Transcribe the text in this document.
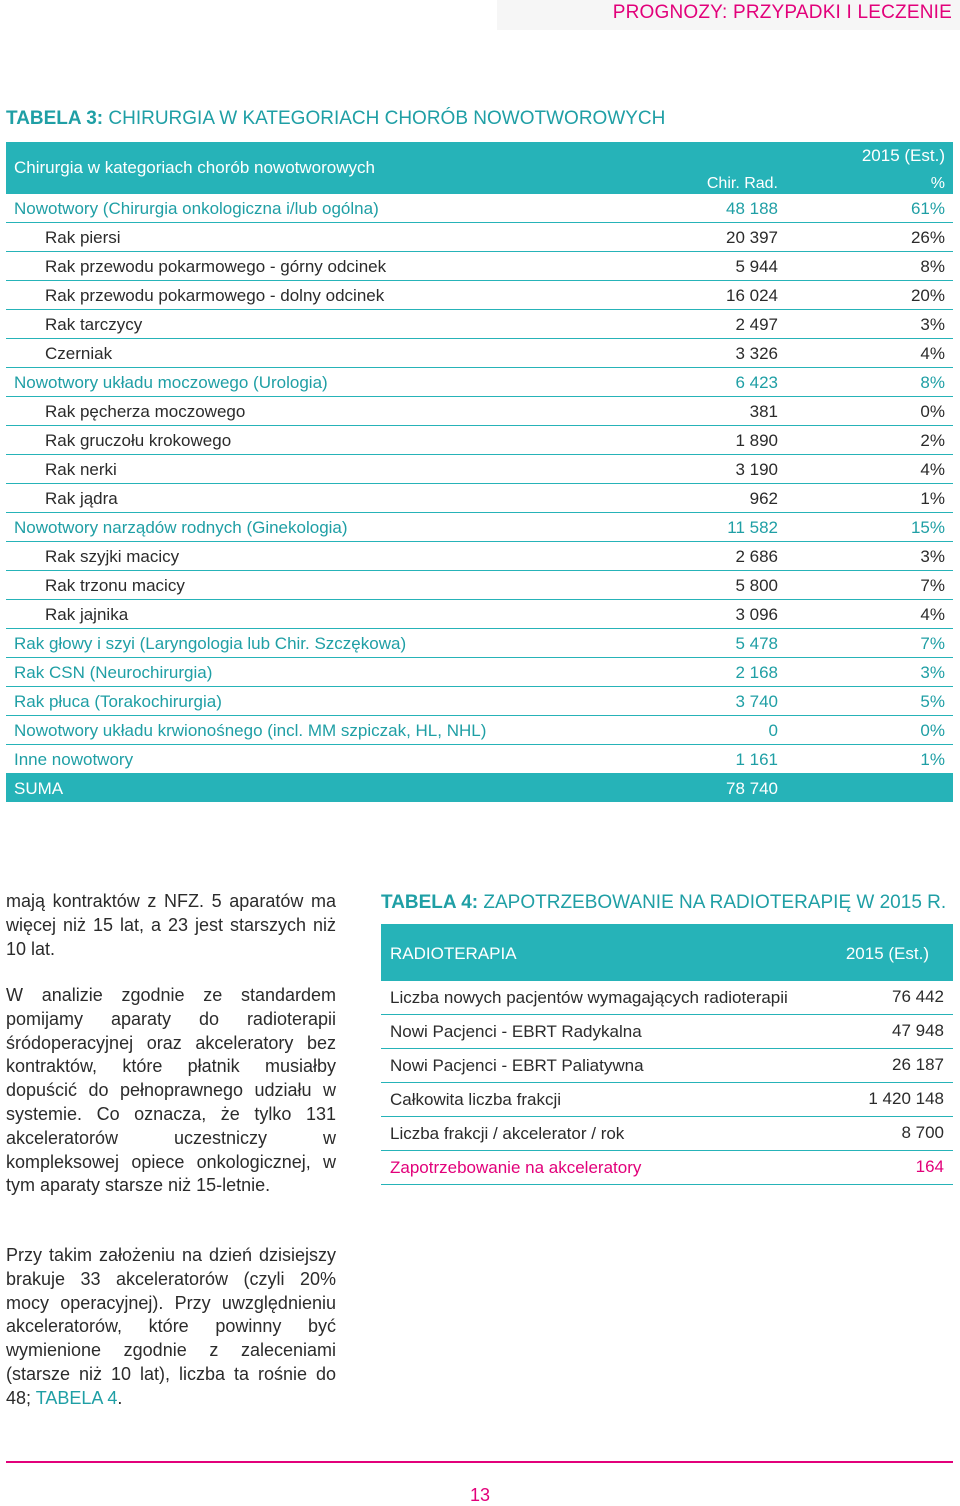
PROGNOZY: PRZYPADKI I LECZENIE
TABELA 3: CHIRURGIA W KATEGORIACH CHORÓB NOWOTWOROWYCH
Chirurgia w kategoriach chorób nowotworowych
2015 (Est.)
Chir. Rad.	%
Nowotwory (Chirurgia onkologiczna i/lub ogólna)	48 188	61%
Rak piersi	20 397	26%
Rak przewodu pokarmowego - górny odcinek	5 944	8%
Rak przewodu pokarmowego - dolny odcinek	16 024	20%
Rak tarczycy	2 497	3%
Czerniak	3 326	4%
Nowotwory układu moczowego (Urologia)	6 423	8%
Rak pęcherza moczowego	381	0%
Rak gruczołu krokowego	1 890	2%
Rak nerki	3 190	4%
Rak jądra	962	1%
Nowotwory narządów rodnych (Ginekologia)	11 582	15%
Rak szyjki macicy	2 686	3%
Rak trzonu macicy	5 800	7%
Rak jajnika	3 096	4%
Rak głowy i szyi (Laryngologia lub Chir. Szczękowa)	5 478	7%
Rak CSN (Neurochirurgia)	2 168	3%
Rak płuca (Torakochirurgia)	3 740	5%
Nowotwory układu krwionośnego (incl. MM szpiczak, HL, NHL)	0	0%
Inne nowotwory	1 161	1%
SUMA	78 740
mają kontraktów z NFZ. 5 aparatów ma więcej niż 15 lat, a 23 jest starszych niż 10 lat.
W analizie zgodnie ze standardem pomijamy aparaty do radioterapii śródoperacyjnej oraz akceleratory bez kontraktów, które płatnik musiałby dopuścić do pełnoprawnego udziału w systemie. Co oznacza, że tylko 131 akceleratorów uczestniczy w kompleksowej opiece onkologicznej, w tym aparaty starsze niż 15-letnie.
Przy takim założeniu na dzień dzisiejszy brakuje 33 akceleratorów (czyli 20% mocy operacyjnej). Przy uwzględnieniu akceleratorów, które powinny być wymienione zgodnie z zaleceniami (starsze niż 10 lat), liczba ta rośnie do 48; TABELA 4.
TABELA 4: ZAPOTRZEBOWANIE NA RADIOTERAPIĘ W 2015 R.
RADIOTERAPIA	2015 (Est.)
Liczba nowych pacjentów wymagających radioterapii	76 442
Nowi Pacjenci - EBRT Radykalna	47 948
Nowi Pacjenci - EBRT Paliatywna	26 187
Całkowita liczba frakcji	1 420 148
Liczba frakcji / akcelerator / rok	8 700
Zapotrzebowanie na akceleratory	164
13
